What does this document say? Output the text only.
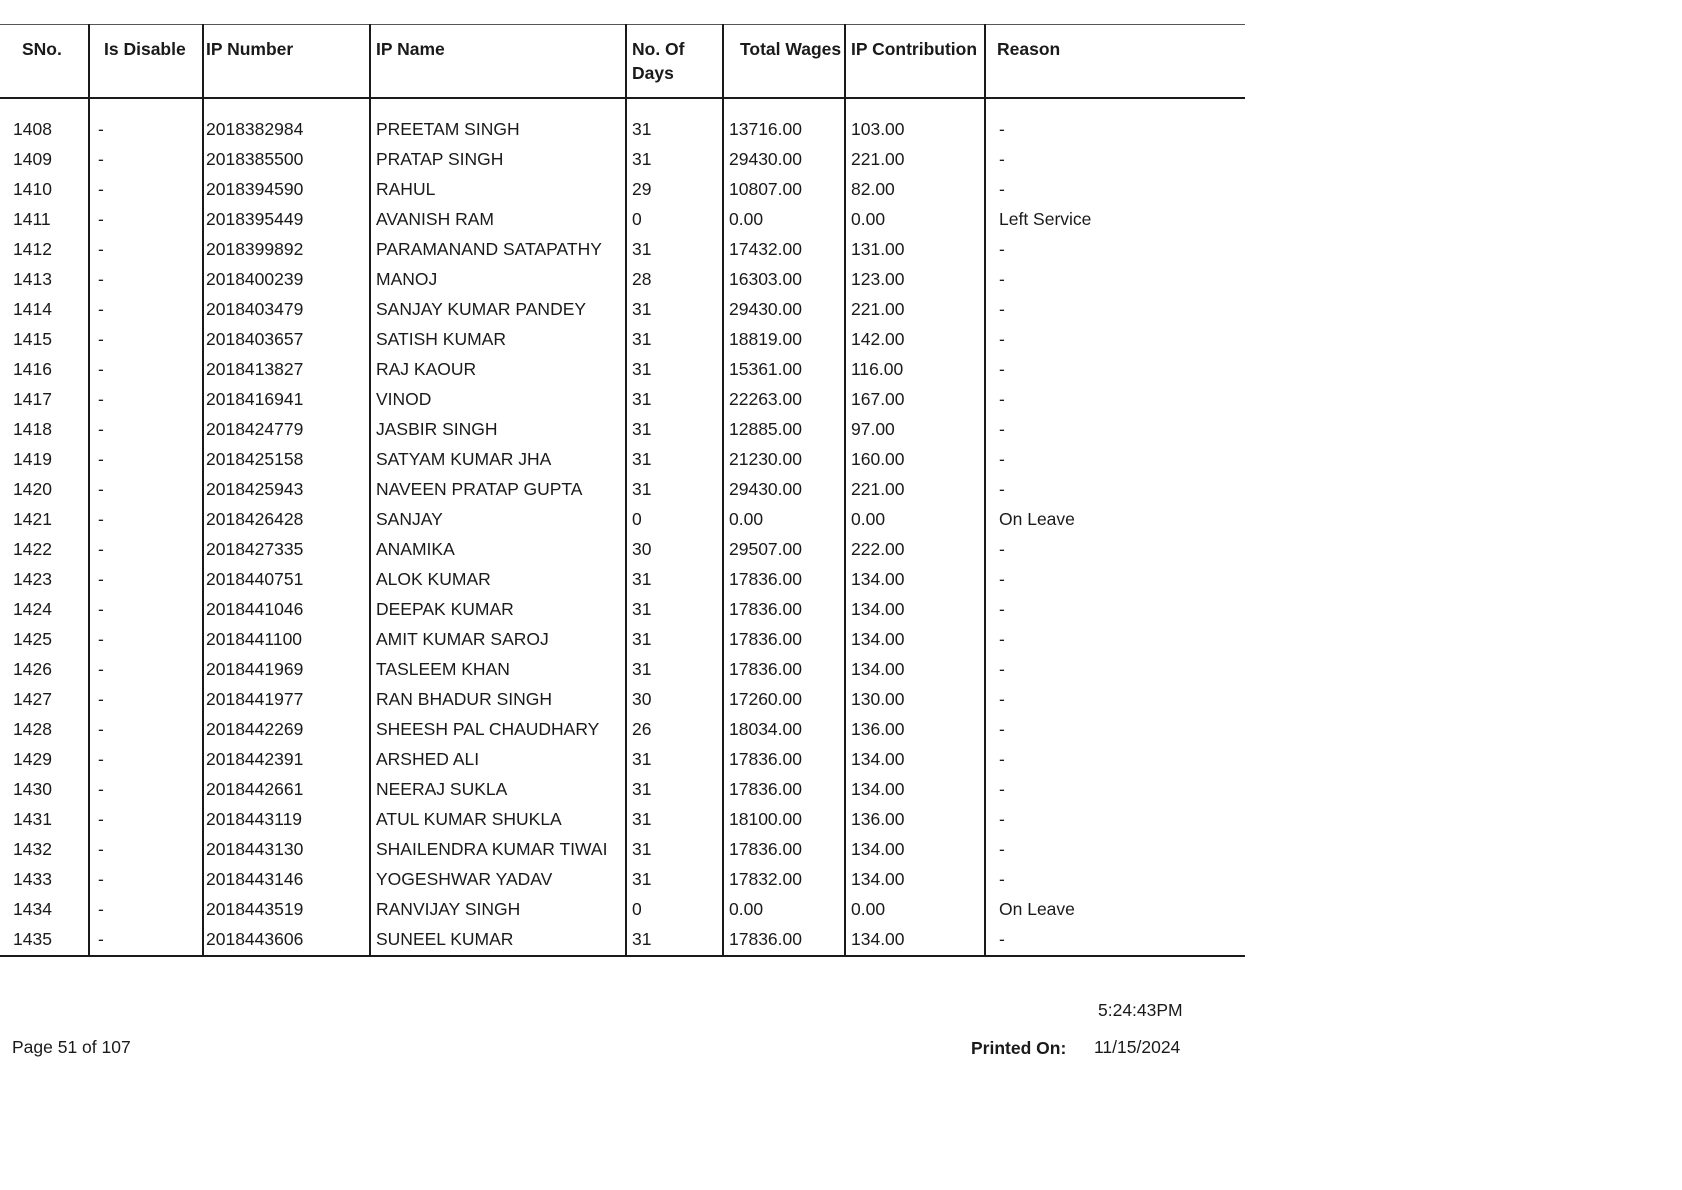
SNo.	Is Disable	IP Number	IP Name	No. Of Days	Total Wages	IP Contribution	Reason

1408	-	2018382984	PREETAM SINGH	31	13716.00	103.00	-
1409	-	2018385500	PRATAP SINGH	31	29430.00	221.00	-
1410	-	2018394590	RAHUL	29	10807.00	82.00	-
1411	-	2018395449	AVANISH RAM	0	0.00	0.00	Left Service
1412	-	2018399892	PARAMANAND SATAPATHY	31	17432.00	131.00	-
1413	-	2018400239	MANOJ	28	16303.00	123.00	-
1414	-	2018403479	SANJAY KUMAR PANDEY	31	29430.00	221.00	-
1415	-	2018403657	SATISH KUMAR	31	18819.00	142.00	-
1416	-	2018413827	RAJ KAOUR	31	15361.00	116.00	-
1417	-	2018416941	VINOD	31	22263.00	167.00	-
1418	-	2018424779	JASBIR SINGH	31	12885.00	97.00	-
1419	-	2018425158	SATYAM KUMAR JHA	31	21230.00	160.00	-
1420	-	2018425943	NAVEEN PRATAP GUPTA	31	29430.00	221.00	-
1421	-	2018426428	SANJAY	0	0.00	0.00	On Leave
1422	-	2018427335	ANAMIKA	30	29507.00	222.00	-
1423	-	2018440751	ALOK KUMAR	31	17836.00	134.00	-
1424	-	2018441046	DEEPAK KUMAR	31	17836.00	134.00	-
1425	-	2018441100	AMIT KUMAR SAROJ	31	17836.00	134.00	-
1426	-	2018441969	TASLEEM KHAN	31	17836.00	134.00	-
1427	-	2018441977	RAN BHADUR SINGH	30	17260.00	130.00	-
1428	-	2018442269	SHEESH PAL CHAUDHARY	26	18034.00	136.00	-
1429	-	2018442391	ARSHED ALI	31	17836.00	134.00	-
1430	-	2018442661	NEERAJ SUKLA	31	17836.00	134.00	-
1431	-	2018443119	ATUL KUMAR SHUKLA	31	18100.00	136.00	-
1432	-	2018443130	SHAILENDRA KUMAR TIWAI	31	17836.00	134.00	-
1433	-	2018443146	YOGESHWAR YADAV	31	17832.00	134.00	-
1434	-	2018443519	RANVIJAY SINGH	0	0.00	0.00	On Leave
1435	-	2018443606	SUNEEL KUMAR	31	17836.00	134.00	-
5:24:43PM
Page 51 of 107	Printed On: 11/15/2024
